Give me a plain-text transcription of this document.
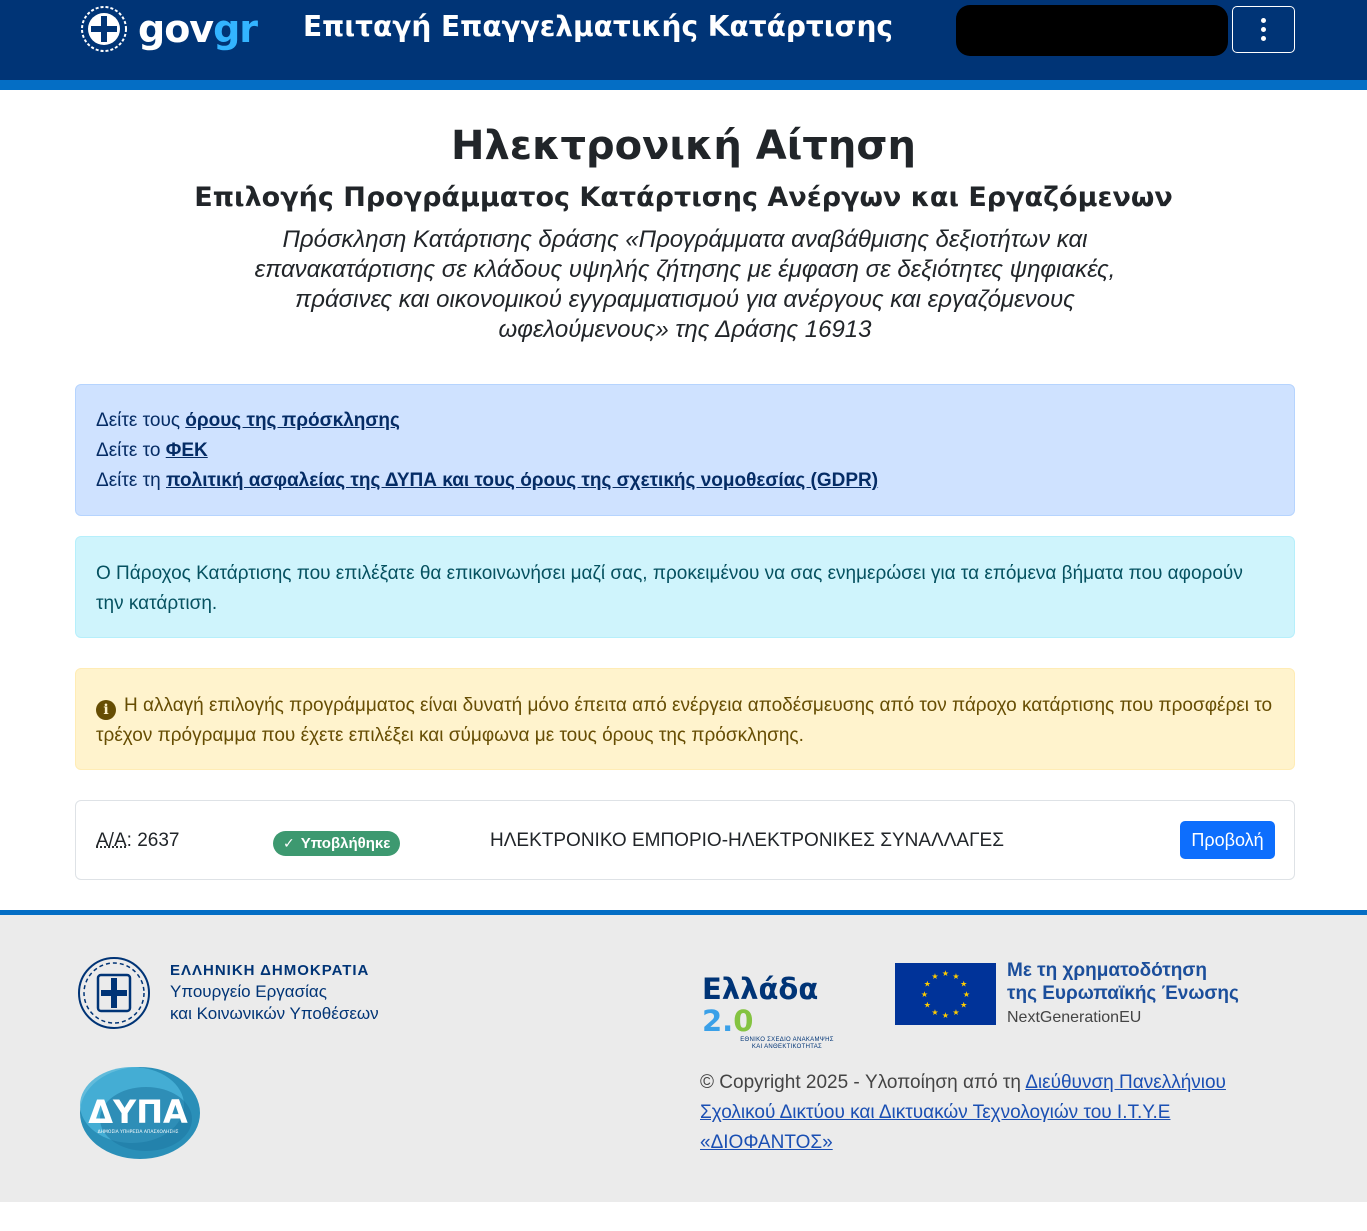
govgr Επιταγή Επαγγελματικής Κατάρτισης
Ηλεκτρονική Αίτηση
Επιλογής Προγράμματος Κατάρτισης Ανέργων και Εργαζόμενων

Πρόσκληση Κατάρτισης δράσης «Προγράμματα αναβάθμισης δεξιοτήτων και επανακατάρτισης σε κλάδους υψηλής ζήτησης με έμφαση σε δεξιότητες ψηφιακές, πράσινες και οικονομικού εγγραμματισμού για ανέργους και εργαζόμενους ωφελούμενους» της Δράσης 16913

Δείτε τους όρους της πρόσκλησης
Δείτε το ΦΕΚ
Δείτε τη πολιτική ασφαλείας της ΔΥΠΑ και τους όρους της σχετικής νομοθεσίας (GDPR)
Ο Πάροχος Κατάρτισης που επιλέξατε θα επικοινωνήσει μαζί σας, προκειμένου να σας ενημερώσει για τα επόμενα βήματα που αφορούν την κατάρτιση.
i Η αλλαγή επιλογής προγράμματος είναι δυνατή μόνο έπειτα από ενέργεια αποδέσμευσης από τον πάροχο κατάρτισης που προσφέρει το τρέχον πρόγραμμα που έχετε επιλέξει και σύμφωνα με τους όρους της πρόσκλησης.
Α/Α: 2637	✓ Υποβλήθηκε	ΗΛΕΚΤΡΟΝΙΚΟ ΕΜΠΟΡΙΟ-ΗΛΕΚΤΡΟΝΙΚΕΣ ΣΥΝΑΛΛΑΓΕΣ	Προβολή
ΕΛΛΗΝΙΚΗ ΔΗΜΟΚΡΑΤΙΑ
Υπουργείο Εργασίας
και Κοινωνικών Υποθέσεων
ΔΥΠΑ
ΔΗΜΟΣΙΑ ΥΠΗΡΕΣΙΑ ΑΠΑΣΧΟΛΗΣΗΣ
Ελλάδα 2.0
ΕΘΝΙΚΟ ΣΧΕΔΙΟ ΑΝΑΚΑΜΨΗΣ
ΚΑΙ ΑΝΘΕΚΤΙΚΟΤΗΤΑΣ
★
★
★
★
★
★
★
★
★ ★ ★
★
Με τη χρηματοδότηση
της Ευρωπαϊκής Ένωσης
NextGenerationEU
© Copyright 2025 - Υλοποίηση από τη Διεύθυνση Πανελλήνιου Σχολικού Δικτύου και Δικτυακών Τεχνολογιών του Ι.Τ.Υ.Ε «ΔΙΟΦΑΝΤΟΣ»
